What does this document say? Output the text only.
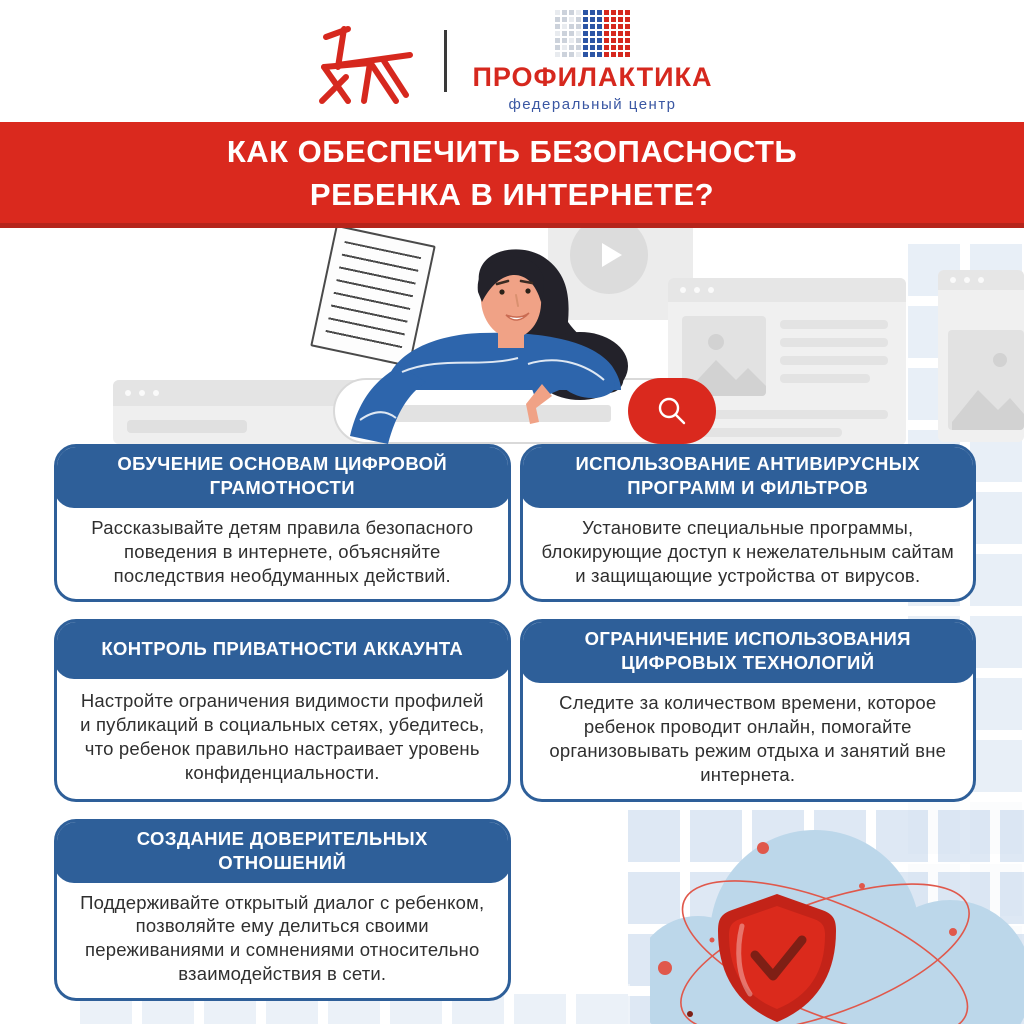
ПРОФИЛАКТИКА
федеральный центр
КАК ОБЕСПЕЧИТЬ БЕЗОПАСНОСТЬ
РЕБЕНКА В ИНТЕРНЕТЕ?
ОБУЧЕНИЕ ОСНОВАМ ЦИФРОВОЙ
ГРАМОТНОСТИ

Рассказывайте детям правила безопасного поведения в интернете, объясняйте последствия необдуманных действий.

ИСПОЛЬЗОВАНИЕ АНТИВИРУСНЫХ
ПРОГРАММ И ФИЛЬТРОВ

Установите специальные программы, блокирующие доступ к нежелательным сайтам и защищающие устройства от вирусов.

КОНТРОЛЬ ПРИВАТНОСТИ АККАУНТА

Настройте ограничения видимости профилей и публикаций в социальных сетях, убедитесь, что ребенок правильно настраивает уровень конфиденциальности.

ОГРАНИЧЕНИЕ ИСПОЛЬЗОВАНИЯ
ЦИФРОВЫХ ТЕХНОЛОГИЙ

Следите за количеством времени, которое ребенок проводит онлайн, помогайте организовывать режим отдыха и занятий вне интернета.

СОЗДАНИЕ ДОВЕРИТЕЛЬНЫХ
ОТНОШЕНИЙ

Поддерживайте открытый диалог с ребенком, позволяйте ему делиться своими переживаниями и сомнениями относительно взаимодействия в сети.
